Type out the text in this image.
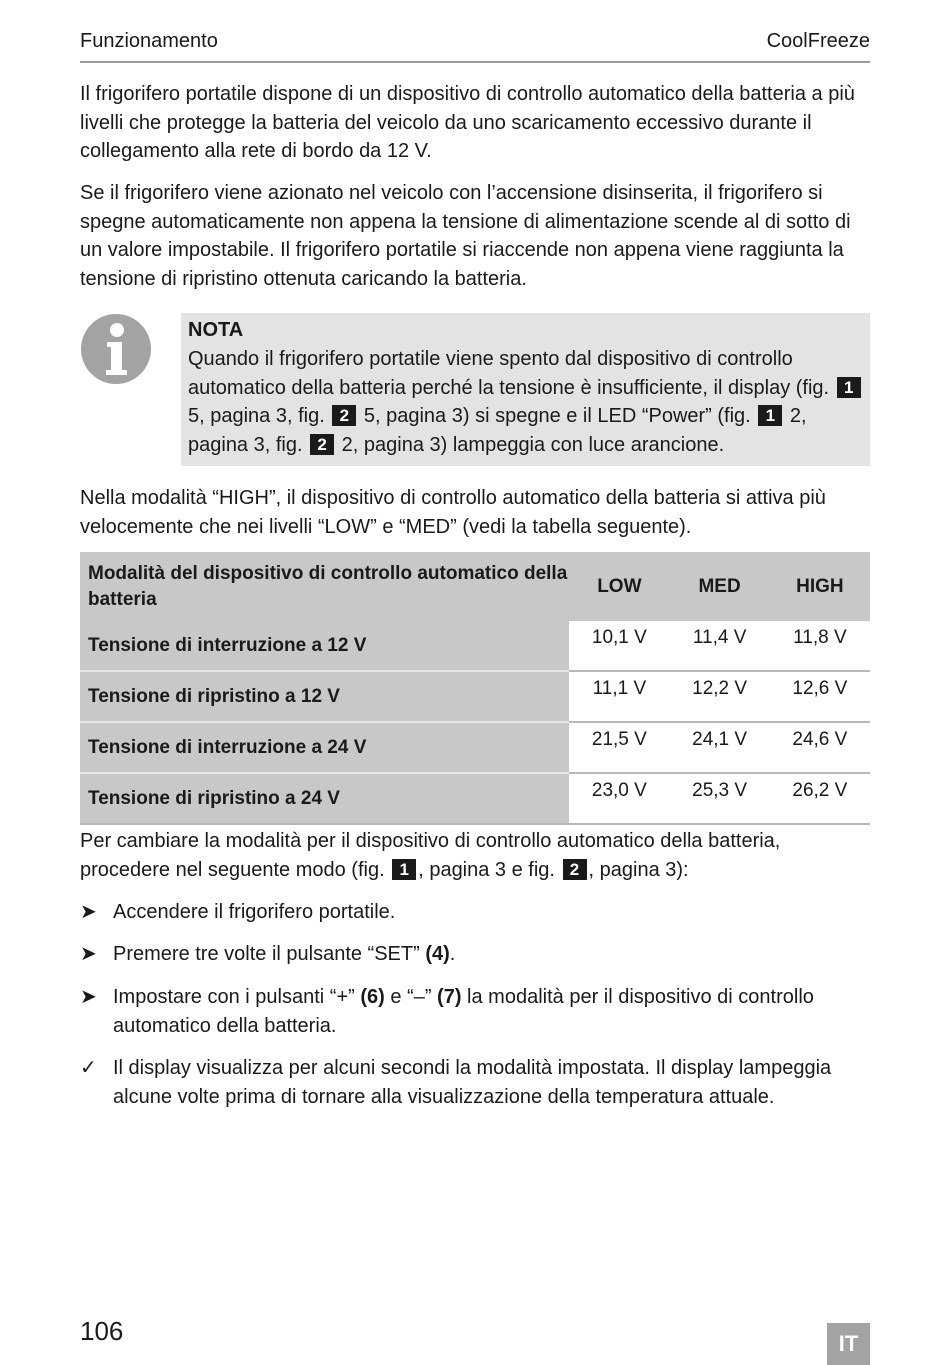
Funzionamento	CoolFreeze

Il frigorifero portatile dispone di un dispositivo di controllo automatico della batteria a più livelli che protegge la batteria del veicolo da uno scaricamento eccessivo durante il collegamento alla rete di bordo da 12 V.

Se il frigorifero viene azionato nel veicolo con l’accensione disinserita, il frigorifero si spegne automaticamente non appena la tensione di alimentazione scende al di sotto di un valore impostabile. Il frigorifero portatile si riaccende non appena viene raggiunta la tensione di ripristino ottenuta caricando la batteria.

NOTA
Quando il frigorifero portatile viene spento dal dispositivo di controllo automatico della batteria perché la tensione è insufficiente, il display (fig. 1 5, pagina 3, fig. 2 5, pagina 3) si spegne e il LED “Power” (fig. 1 2, pagina 3, fig. 2 2, pagina 3) lampeggia con luce arancione.

Nella modalità “HIGH”, il dispositivo di controllo automatico della batteria si attiva più velocemente che nei livelli “LOW” e “MED” (vedi la tabella seguente).

Modalità del dispositivo di controllo automatico della batteria	LOW	MED	HIGH
Tensione di interruzione a 12 V	10,1 V	11,4 V	11,8 V
Tensione di ripristino a 12 V	11,1 V	12,2 V	12,6 V
Tensione di interruzione a 24 V	21,5 V	24,1 V	24,6 V
Tensione di ripristino a 24 V	23,0 V	25,3 V	26,2 V

Per cambiare la modalità per il dispositivo di controllo automatico della batteria, procedere nel seguente modo (fig. 1 , pagina 3 e fig. 2 , pagina 3):

➤ Accendere il frigorifero portatile.
➤ Premere tre volte il pulsante “SET” (4).
➤ Impostare con i pulsanti “+” (6) e “–” (7) la modalità per il dispositivo di controllo automatico della batteria.
✓ Il display visualizza per alcuni secondi la modalità impostata. Il display lampeggia alcune volte prima di tornare alla visualizzazione della temperatura attuale.
106	IT
